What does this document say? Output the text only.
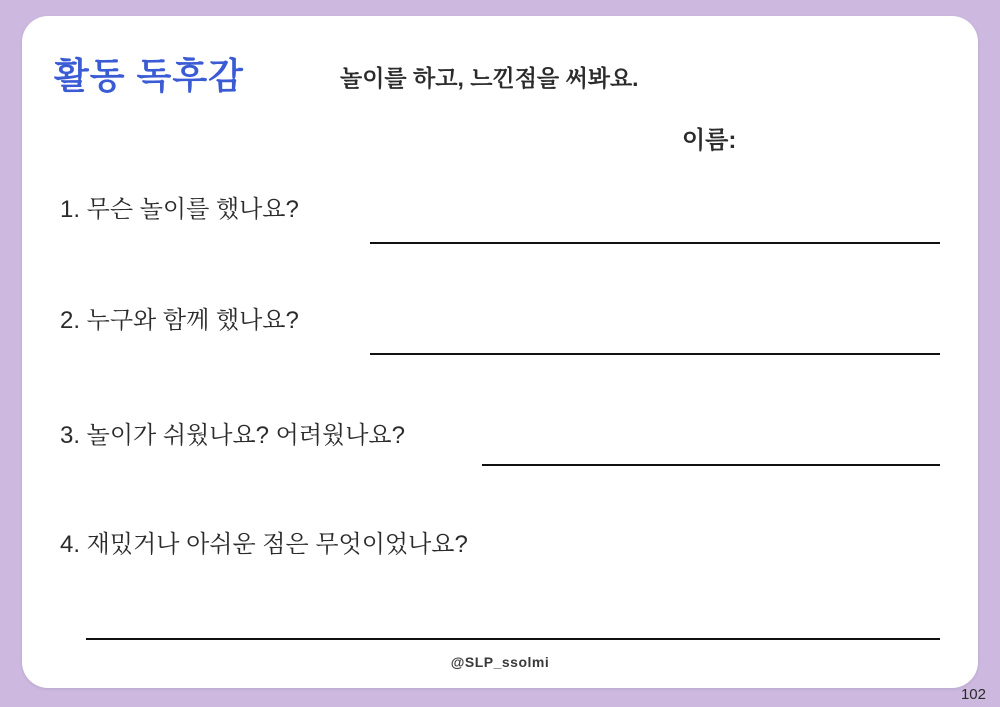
활동 독후감	놀이를 하고, 느낀점을 써봐요.
이름:
1. 무슨 놀이를 했나요?
2. 누구와 함께 했나요?
3. 놀이가 쉬웠나요? 어려웠나요?
4. 재밌거나 아쉬운 점은 무엇이었나요?
@SLP_ssolmi
102
